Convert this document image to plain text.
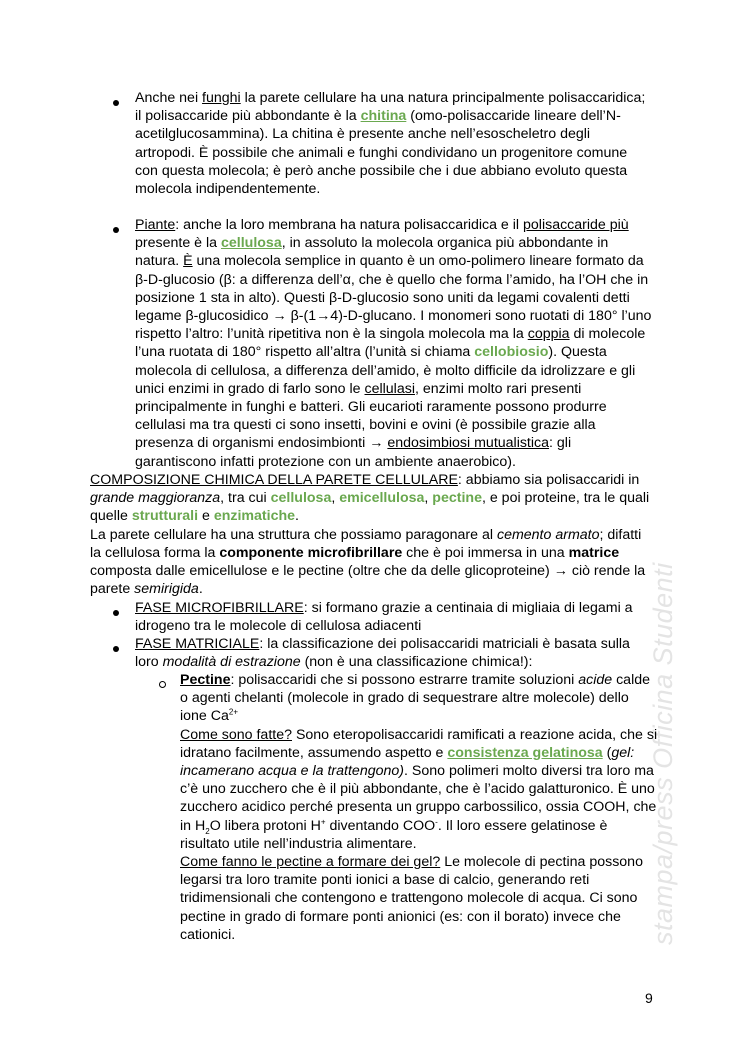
stampa/press Officina Studenti

Anche nei funghi la parete cellulare ha una natura principalmente polisaccaridica; il polisaccaride più abbondante è la chitina (omo-polisaccaride lineare dell’N-acetilglucosammina). La chitina è presente anche nell’esoscheletro degli artropodi. È possibile che animali e funghi condividano un progenitore comune con questa molecola; è però anche possibile che i due abbiano evoluto questa molecola indipendentemente.

Piante: anche la loro membrana ha natura polisaccaridica e il polisaccaride più presente è la cellulosa, in assoluto la molecola organica più abbondante in natura. È una molecola semplice in quanto è un omo-polimero lineare formato da β-D-glucosio (β: a differenza dell’α, che è quello che forma l’amido, ha l’OH che in posizione 1 sta in alto). Questi β-D-glucosio sono uniti da legami covalenti detti legame β-glucosidico → β-(1→4)-D-glucano. I monomeri sono ruotati di 180° l’uno rispetto l’altro: l’unità ripetitiva non è la singola molecola ma la coppia di molecole l’una ruotata di 180° rispetto all’altra (l’unità si chiama cellobiosio). Questa molecola di cellulosa, a differenza dell’amido, è molto difficile da idrolizzare e gli unici enzimi in grado di farlo sono le cellulasi, enzimi molto rari presenti principalmente in funghi e batteri. Gli eucarioti raramente possono produrre cellulasi ma tra questi ci sono insetti, bovini e ovini (è possibile grazie alla presenza di organismi endosimbionti → endosimbiosi mutualistica: gli garantiscono infatti protezione con un ambiente anaerobico).

COMPOSIZIONE CHIMICA DELLA PARETE CELLULARE: abbiamo sia polisaccaridi in grande maggioranza, tra cui cellulosa, emicellulosa, pectine, e poi proteine, tra le quali quelle strutturali e enzimatiche.

La parete cellulare ha una struttura che possiamo paragonare al cemento armato; difatti la cellulosa forma la componente microfibrillare che è poi immersa in una matrice composta dalle emicellulose e le pectine (oltre che da delle glicoproteine) → ciò rende la parete semirigida.

FASE MICROFIBRILLARE: si formano grazie a centinaia di migliaia di legami a idrogeno tra le molecole di cellulosa adiacenti

FASE MATRICIALE: la classificazione dei polisaccaridi matriciali è basata sulla loro modalità di estrazione (non è una classificazione chimica!):

Pectine: polisaccaridi che si possono estrarre tramite soluzioni acide calde o agenti chelanti (molecole in grado di sequestrare altre molecole) dello ione $Ca^{2+}$

Come sono fatte? Sono eteropolisaccaridi ramificati a reazione acida, che si idratano facilmente, assumendo aspetto e consistenza gelatinosa (gel: incamerano acqua e la trattengono). Sono polimeri molto diversi tra loro ma c’è uno zucchero che è il più abbondante, che è l’acido galatturonico. È uno zucchero acidico perché presenta un gruppo carbossilico, ossia COOH, che in $H_2O$ libera protoni H+ diventando COO-. Il loro essere gelatinose è risultato utile nell’industria alimentare.

Come fanno le pectine a formare dei gel? Le molecole di pectina possono legarsi tra loro tramite ponti ionici a base di calcio, generando reti tridimensionali che contengono e trattengono molecole di acqua. Ci sono pectine in grado di formare ponti anionici (es: con il borato) invece che cationici.

9
